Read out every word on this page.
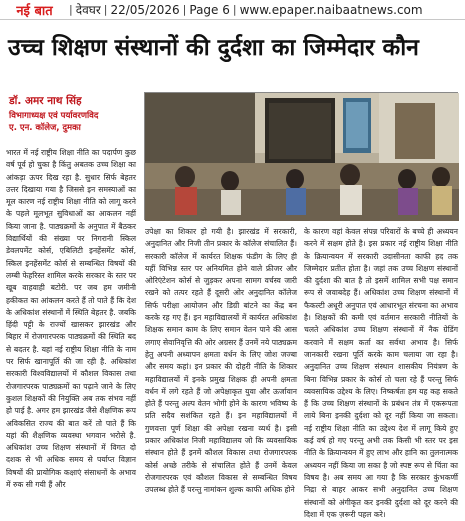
नई बात	| देवघर | 22/05/2026 | Page 6 | www.epaper.naibaatnews.com
उच्च शिक्षण संस्थानों की दुर्दशा का जिम्मेदार कौन
डॉ. अमर नाथ सिंह
विभागाध्यक्ष एवं पर्यावरणविद
ए. एन. कॉलेज, दुमका
भारत में नई राष्ट्रीय शिक्षा नीति का पदार्पण कुछ वर्ष पूर्व हो चुका है किंतु अबतक उच्च शिक्षा का आंकड़ा ऊपर दिख रहा है. सुधार सिर्फ बेहतर उत्तर दिखाया गया है जिससे इन समस्याओं का मूल कारण नई राष्ट्रीय शिक्षा नीति को लागू करने के पहले मूलभूत सुविधाओं का आकलन नहीं किया जाना है. पाठ्यक्रमों के अनुपात में बैठकर विद्यार्थियों की संख्या पर निगरानी स्किल डेवलपमेंट कोर्स, एबिलिटी इनहेंसमेंट कोर्स, स्किल इनहेंसमेंट कोर्स से सम्बन्धित विषयों की लम्बी फेहरिस्त शामिल करके सरकार के स्तर पर खूब वाहवाही बटोरी. पर जब हम जमीनी हकीकत का आंकलन करते हैं तो पाते हैं कि देश के अधिकांश संस्थानों में स्थिति बेहतर है. जबकि हिंदी पट्टी के राज्यों खासकर झारखंड और बिहार में रोजगारपरक पाठ्यक्रमों की स्थिति बद से बदतर है. यहां नई राष्ट्रीय शिक्षा नीति के नाम पर सिर्फ खानापूर्ति की जा रही है. अधिकांश सरकारी विश्वविद्यालयों में कौशल विकास तथा रोजगारपरक पाठ्यक्रमों का पढ़ाने जाने के लिए कुशल शिक्षकों की नियुक्ति अब तक संभव नहीं हो पाई है. अगर हम झारखंड जैसे शैक्षणिक रूप अविकसित राज्य की बात करें तो पाते हैं कि यहां की शैक्षणिक व्यवस्था भगवान भरोसे है. अधिकांश उच्च शिक्षण संस्थानों में विगत दो दशक से भी अधिक समय से पर्याप्त विज्ञान विषयों की प्रायोगिक कक्षाएं संसाधनों के अभाव में रुक सी गयी हैं और
उपेक्षा का शिकार हो गयी है। झारखंड में सरकारी, अनुदानित और निजी तीन प्रकार के कॉलेज संचालित हैं। सरकारी कॉलेज में कार्यरत शिक्षक फंडीग के लिए ही यहीं विभिन्न स्तर पर अनियमित होने वाले फ्रीजर और ओरिएंटेशन कोर्स से जुड़कर अपना सामग वर्चस्व जारी रखने को तत्पर रहते हैं दूसरी ओर अनुदानित कॉलेज सिर्फ परीक्षा आयोजन और डिग्री बांटने का केंद्र बन करके रह गए हैं। इन महाविद्यालयों में कार्यरत अधिकांश शिक्षक समान काम के लिए समान वेतन पाने की आस लगाए सेवानिवृत्ति की ओर अग्रसर हैं उनमें नये पाठ्यक्रम हेतु अपनी अध्यापन क्षमता वर्धन के लिए जोश जज्बा और समय कहां। इन प्रकार की दोहरी नीति के शिकार महाविद्यालयों में इनके प्रमुख शिक्षक ही अपनी क्षमता वर्धन में लगे रहते हैं जो अपेक्षाकृत युवा और ऊर्जावान होते हैं परन्तु अल्प वेतन भोगी होने के कारण भविष्य के प्रति सदैव सशंकित रहते हैं। इन महाविद्यालयों में गुणवत्ता पूर्ण शिक्षा की अपेक्षा रखना व्यर्थ है। इसी प्रकार अधिकांश निजी महाविद्यालय जो कि व्यवसायिक संस्थान होते हैं इनमें कौशल विकास तथा रोजगारपरक कोर्स अच्छे तरीके से संचालित होते हैं उनमें केवल रोजगारपरक एवं कौशल विकास से सम्बन्धित विषय उपलब्ध होते हैं परन्तु नामांकन शुल्क काफी अधिक होने
के कारण वहां केवल संपन्न परिवारों के बच्चे ही अध्ययन करने में सक्षम होते है। इस प्रकार नई राष्ट्रीय शिक्षा नीति के क्रियान्वयन में सरकारी उदासीनता काफी हद तक जिम्मेदार प्रतीत होता है। जहां तक उच्च शिक्षण संस्थानों की दुर्दशा की बात है तो इसमें शामिल सभी पक्ष समान रूप से जवाबदेह हैं। अधिकांश उच्च शिक्षण संस्थानों में फैकल्टी अधूरी अनुपात एवं आधारभूत संरचना का अभाव है। शिक्षकों की कमी एवं वर्तमान सरकारी नीतियों के चलते अधिकांश उच्च शिक्षण संस्थानों में नैक ग्रेडिंग करवाने में सक्षम कर्ता का सर्वथा अभाव है। सिर्फ जानकारी रखना पूर्ति करके काम चलाया जा रहा है। अनुदानित उच्च शिक्षण संस्थान शासकीय नियंत्रण के बिना विभिन्न प्रकार के कोर्स तो चला रहे हैं परन्तु सिर्फ व्यवसायिक उद्देश्य के लिए। निष्कर्षतः हम यह कह सकते हैं कि उच्च शिक्षण संस्थानों के प्रबंधन तंत्र में एकरूपता लाये बिना इनकी दुर्दशा को दूर नहीं किया जा सकता। नई राष्ट्रीय शिक्षा नीति का उद्देश्य देश में लागू किये हुए कई वर्ष हो गए परन्तु अभी तक किसी भी स्तर पर इस नीति के क्रियान्वयन में हुए लाभ और हानि का तुलनात्मक अध्ययन नहीं किया जा सका है जो स्पष्ट रूप से चिंता का विषय है। अब समय आ गया है कि सरकार कुंभकर्णी निद्रा से बाहर आकर सभी अनुदानित उच्च शिक्षण संस्थानों को अंगीकृत कर इनकी दुर्दशा को दूर करने की दिशा में एक ज़रूरी पहल करे।
